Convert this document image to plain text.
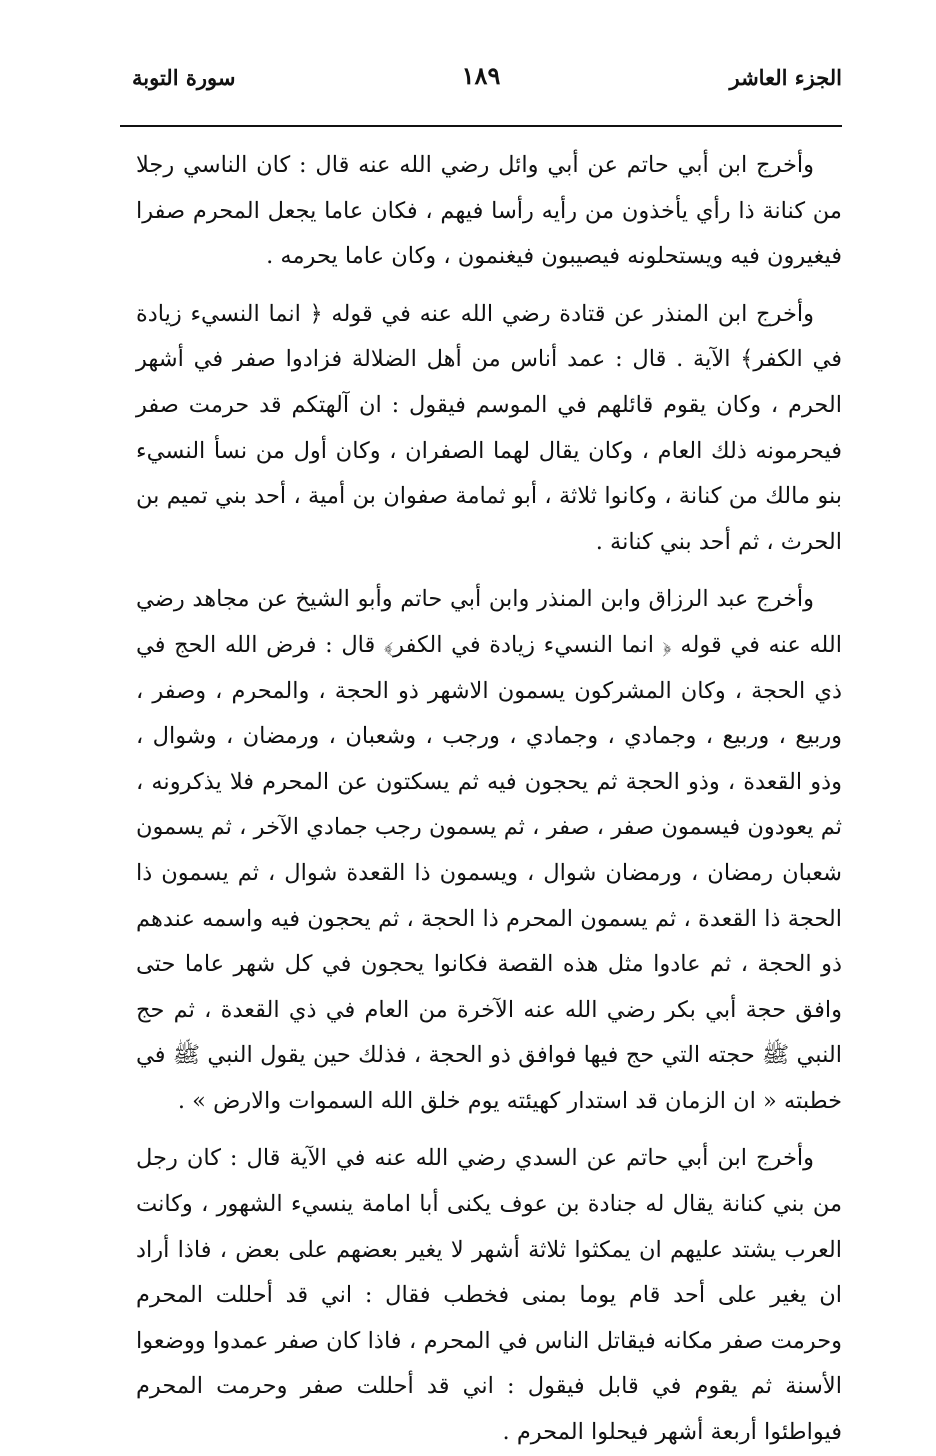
الجزء العاشر
١٨٩
سورة التوبة

وأخرج ابن أبي حاتم عن أبي وائل رضي الله عنه قال : كان الناسي رجلا من كنانة ذا رأي يأخذون من رأيه رأسا فيهم ، فكان عاما يجعل المحرم صفرا فيغيرون فيه ويستحلونه فيصيبون فيغنمون ، وكان عاما يحرمه .

وأخرج ابن المنذر عن قتادة رضي الله عنه في قوله ﴿ انما النسيء زيادة في الكفر﴾ الآية . قال : عمد أناس من أهل الضلالة فزادوا صفر في أشهر الحرم ، وكان يقوم قائلهم في الموسم فيقول : ان آلهتكم قد حرمت صفر فيحرمونه ذلك العام ، وكان يقال لهما الصفران ، وكان أول من نسأ النسيء بنو مالك من كنانة ، وكانوا ثلاثة ، أبو ثمامة صفوان بن أمية ، أحد بني تميم بن الحرث ، ثم أحد بني كنانة .

وأخرج عبد الرزاق وابن المنذر وابن أبي حاتم وأبو الشيخ عن مجاهد رضي الله عنه في قوله ﴿ انما النسيء زيادة في الكفر﴾ قال : فرض الله الحج في ذي الحجة ، وكان المشركون يسمون الاشهر ذو الحجة ، والمحرم ، وصفر ، وربيع ، وربيع ، وجمادي ، وجمادي ، ورجب ، وشعبان ، ورمضان ، وشوال ، وذو القعدة ، وذو الحجة ثم يحجون فيه ثم يسكتون عن المحرم فلا يذكرونه ، ثم يعودون فيسمون صفر ، صفر ، ثم يسمون رجب جمادي الآخر ، ثم يسمون شعبان رمضان ، ورمضان شوال ، ويسمون ذا القعدة شوال ، ثم يسمون ذا الحجة ذا القعدة ، ثم يسمون المحرم ذا الحجة ، ثم يحجون فيه واسمه عندهم ذو الحجة ، ثم عادوا مثل هذه القصة فكانوا يحجون في كل شهر عاما حتى وافق حجة أبي بكر رضي الله عنه الآخرة من العام في ذي القعدة ، ثم حج النبي ﷺ حجته التي حج فيها فوافق ذو الحجة ، فذلك حين يقول النبي ﷺ في خطبته « ان الزمان قد استدار كهيئته يوم خلق الله السموات والارض » .

وأخرج ابن أبي حاتم عن السدي رضي الله عنه في الآية قال : كان رجل من بني كنانة يقال له جنادة بن عوف يكنى أبا امامة ينسيء الشهور ، وكانت العرب يشتد عليهم ان يمكثوا ثلاثة أشهر لا يغير بعضهم على بعض ، فاذا أراد ان يغير على أحد قام يوما بمنى فخطب فقال : اني قد أحللت المحرم وحرمت صفر مكانه فيقاتل الناس في المحرم ، فاذا كان صفر عمدوا ووضعوا الأسنة ثم يقوم في قابل فيقول : اني قد أحللت صفر وحرمت المحرم فيواطئوا أربعة أشهر فيحلوا المحرم .
